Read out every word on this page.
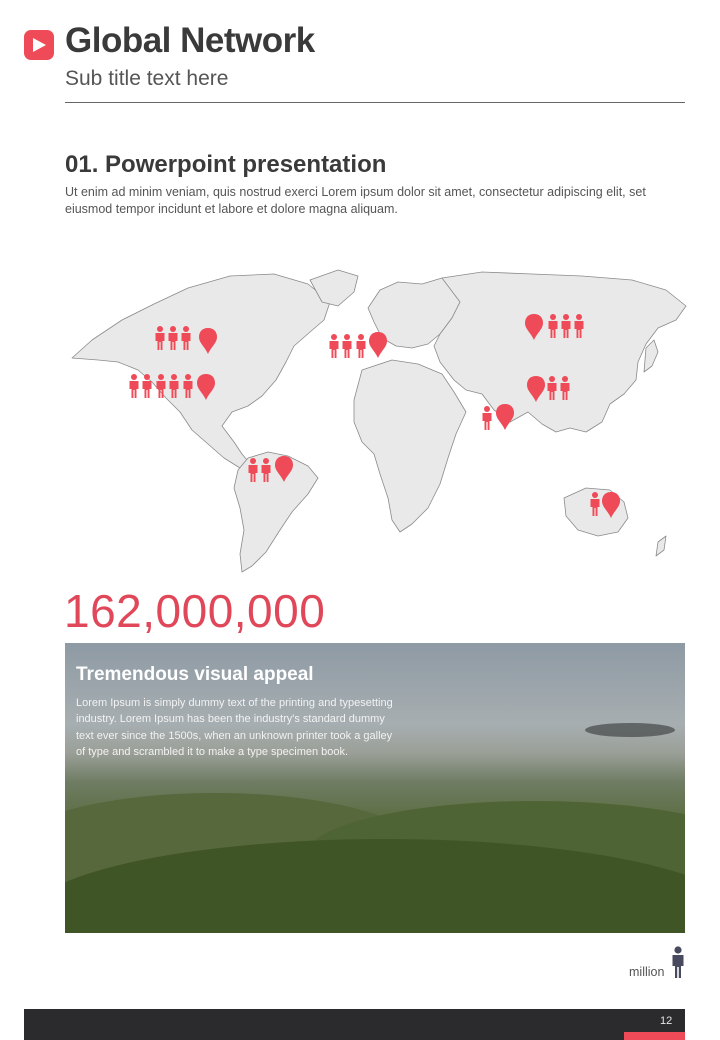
Global Network
Sub title text here
01. Powerpoint presentation
Ut enim ad minim veniam, quis nostrud exerci Lorem ipsum dolor sit amet, consectetur adipiscing elit, set eiusmod tempor incidunt et labore et dolore magna aliquam.
162,000,000
Tremendous visual appeal
Lorem Ipsum is simply dummy text of the printing and typesetting industry. Lorem Ipsum has been the industry's standard dummy text ever since the 1500s, when an unknown printer took a galley of type and scrambled it to make a type specimen book.
million
12
